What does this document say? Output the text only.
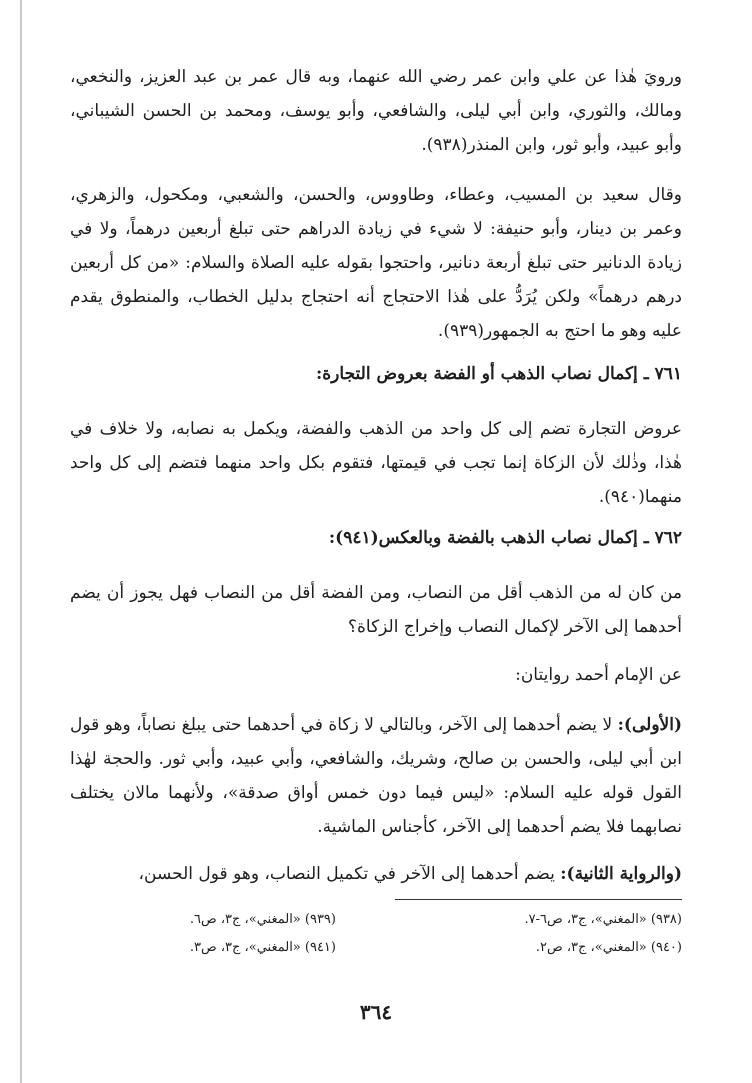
ورويَ هٰذا عن علي وابن عمر رضي الله عنهما، وبه قال عمر بن عبد العزيز، والنخعي، ومالك، والثوري، وابن أبي ليلى، والشافعي، وأبو يوسف، ومحمد بن الحسن الشيباني، وأبو عبيد، وأبو ثور، وابن المنذر(٩٣٨).

وقال سعيد بن المسيب، وعطاء، وطاووس، والحسن، والشعبي، ومكحول، والزهري، وعمر بن دينار، وأبو حنيفة: لا شيء في زيادة الدراهم حتى تبلغ أربعين درهماً، ولا في زيادة الدنانير حتى تبلغ أربعة دنانير، واحتجوا بقوله عليه الصلاة والسلام: «من كل أربعين درهم درهماً» ولكن يُرَدُّ على هٰذا الاحتجاج أنه احتجاج بدليل الخطاب، والمنطوق يقدم عليه وهو ما احتج به الجمهور(٩٣٩).

٧٦١ ـ إكمال نصاب الذهب أو الفضة بعروض التجارة:

عروض التجارة تضم إلى كل واحد من الذهب والفضة، ويكمل به نصابه، ولا خلاف في هٰذا، وذٰلك لأن الزكاة إنما تجب في قيمتها، فتقوم بكل واحد منهما فتضم إلى كل واحد منهما(٩٤٠).

٧٦٢ ـ إكمال نصاب الذهب بالفضة وبالعكس(٩٤١):

من كان له من الذهب أقل من النصاب، ومن الفضة أقل من النصاب فهل يجوز أن يضم أحدهما إلى الآخر لإكمال النصاب وإخراج الزكاة؟

عن الإمام أحمد روايتان:

(الأولى): لا يضم أحدهما إلى الآخر، وبالتالي لا زكاة في أحدهما حتى يبلغ نصاباً، وهو قول ابن أبي ليلى، والحسن بن صالح، وشريك، والشافعي، وأبي عبيد، وأبي ثور. والحجة لهٰذا القول قوله عليه السلام: «ليس فيما دون خمس أواق صدقة»، ولأنهما مالان يختلف نصابهما فلا يضم أحدهما إلى الآخر، كأجناس الماشية.

(والرواية الثانية): يضم أحدهما إلى الآخر في تكميل النصاب، وهو قول الحسن،

(٩٣٨) «المغني»، ج٣، ص٦-٧.
(٩٣٩) «المغني»، ج٣، ص٦.
(٩٤٠) «المغني»، ج٣، ص٢.
(٩٤١) «المغني»، ج٣، ص٣.
٣٦٤
